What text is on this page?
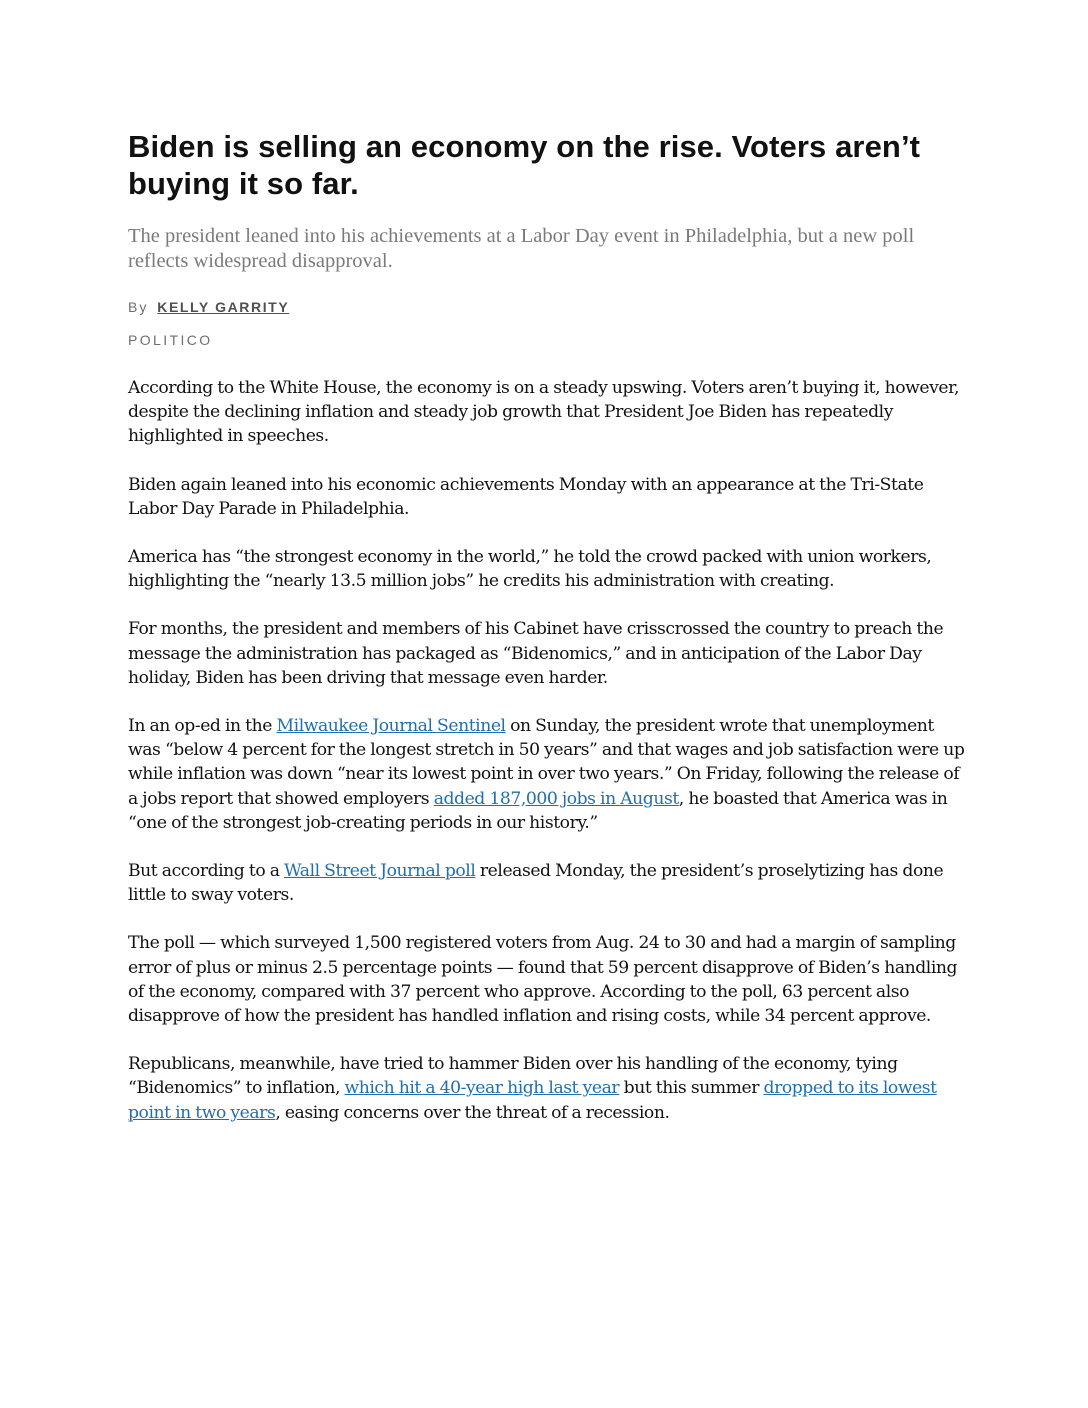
Biden is selling an economy on the rise. Voters aren’t buying it so far.

The president leaned into his achievements at a Labor Day event in Philadelphia, but a new poll reflects widespread disapproval.

By KELLY GARRITY
POLITICO

According to the White House, the economy is on a steady upswing. Voters aren’t buying it, however, despite the declining inflation and steady job growth that President Joe Biden has repeatedly highlighted in speeches.

Biden again leaned into his economic achievements Monday with an appearance at the Tri-State Labor Day Parade in Philadelphia.

America has “the strongest economy in the world,” he told the crowd packed with union workers, highlighting the “nearly 13.5 million jobs” he credits his administration with creating.

For months, the president and members of his Cabinet have crisscrossed the country to preach the message the administration has packaged as “Bidenomics,” and in anticipation of the Labor Day holiday, Biden has been driving that message even harder.

In an op-ed in the Milwaukee Journal Sentinel on Sunday, the president wrote that unemployment was “below 4 percent for the longest stretch in 50 years” and that wages and job satisfaction were up while inflation was down “near its lowest point in over two years.” On Friday, following the release of a jobs report that showed employers added 187,000 jobs in August, he boasted that America was in “one of the strongest job-creating periods in our history.”

But according to a Wall Street Journal poll released Monday, the president’s proselytizing has done little to sway voters.

The poll — which surveyed 1,500 registered voters from Aug. 24 to 30 and had a margin of sampling error of plus or minus 2.5 percentage points — found that 59 percent disapprove of Biden’s handling of the economy, compared with 37 percent who approve. According to the poll, 63 percent also disapprove of how the president has handled inflation and rising costs, while 34 percent approve.

Republicans, meanwhile, have tried to hammer Biden over his handling of the economy, tying “Bidenomics” to inflation, which hit a 40-year high last year but this summer dropped to its lowest point in two years, easing concerns over the threat of a recession.
